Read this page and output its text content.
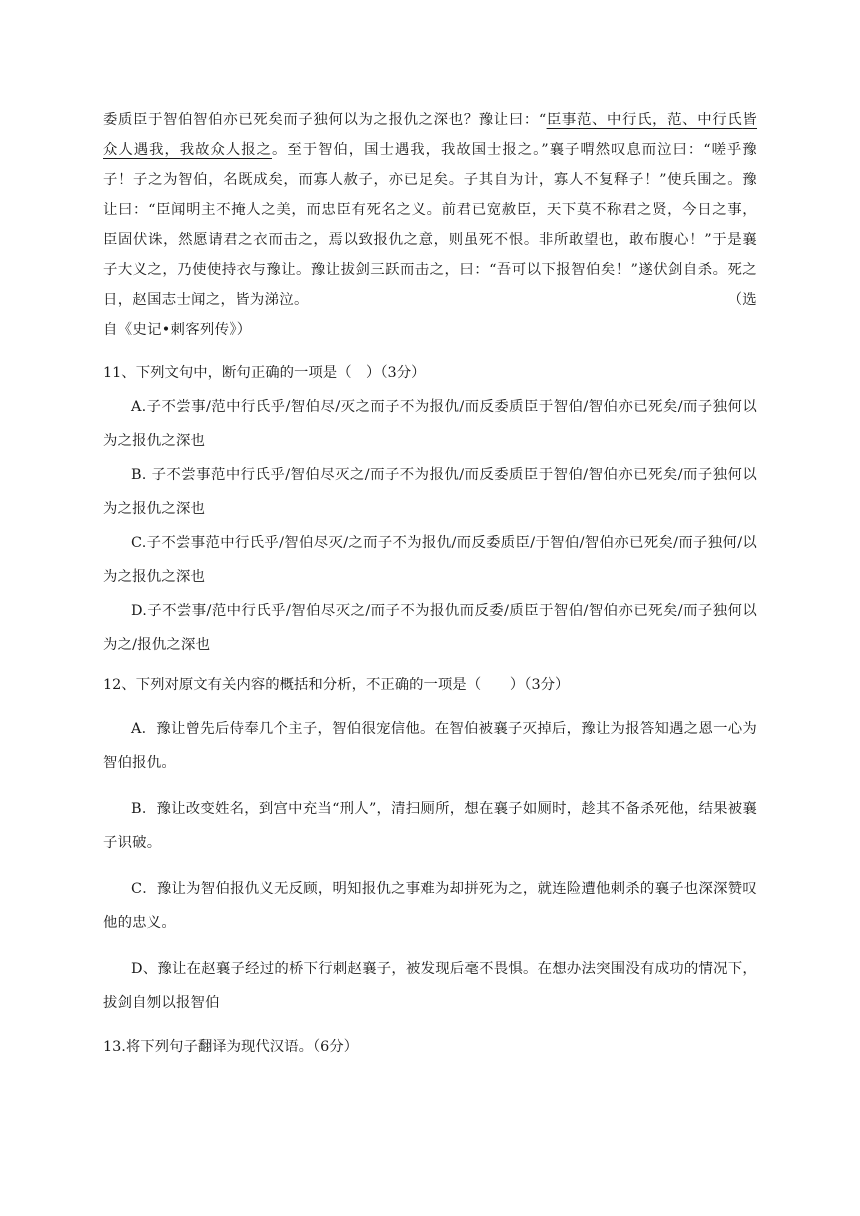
委质臣于智伯智伯亦已死矣而子独何以为之报仇之深也？豫让曰：“臣事范、中行氏，范、中行氏皆众人遇我，我故众人报之。至于智伯，国士遇我，我故国士报之。”襄子喟然叹息而泣曰：“嗟乎豫子！子之为智伯，名既成矣，而寡人赦子，亦已足矣。子其自为计，寡人不复释子！”使兵围之。豫让曰：“臣闻明主不掩人之美，而忠臣有死名之义。前君已宽赦臣，天下莫不称君之贤，今日之事，臣固伏诛，然愿请君之衣而击之，焉以致报仇之意，则虽死不恨。非所敢望也，敢布腹心！”于是襄子大义之，乃使使持衣与豫让。豫让拔剑三跃而击之，曰：“吾可以下报智伯矣！”遂伏剑自杀。死之日，赵国志士闻之，皆为涕泣。	（选

自《史记•刺客列传》）

11、下列文句中，断句正确的一项是（　）（3分）

A.子不尝事/范中行氏乎/智伯尽/灭之而子不为报仇/而反委质臣于智伯/智伯亦已死矣/而子独何以为之报仇之深也

B. 子不尝事范中行氏乎/智伯尽灭之/而子不为报仇/而反委质臣于智伯/智伯亦已死矣/而子独何以为之报仇之深也

C.子不尝事范中行氏乎/智伯尽灭/之而子不为报仇/而反委质臣/于智伯/智伯亦已死矣/而子独何/以为之报仇之深也

D.子不尝事/范中行氏乎/智伯尽灭之/而子不为报仇而反委/质臣于智伯/智伯亦已死矣/而子独何以为之/报仇之深也

12、下列对原文有关内容的概括和分析，不正确的一项是（　　）（3分）

A．豫让曾先后侍奉几个主子，智伯很宠信他。在智伯被襄子灭掉后，豫让为报答知遇之恩一心为智伯报仇。

B．豫让改变姓名，到宫中充当“刑人”，清扫厕所，想在襄子如厕时，趁其不备杀死他，结果被襄子识破。

C．豫让为智伯报仇义无反顾，明知报仇之事难为却拼死为之，就连险遭他刺杀的襄子也深深赞叹他的忠义。

D、豫让在赵襄子经过的桥下行刺赵襄子，被发现后毫不畏惧。在想办法突围没有成功的情况下，拔剑自刎以报智伯

13.将下列句子翻译为现代汉语。（6分）
